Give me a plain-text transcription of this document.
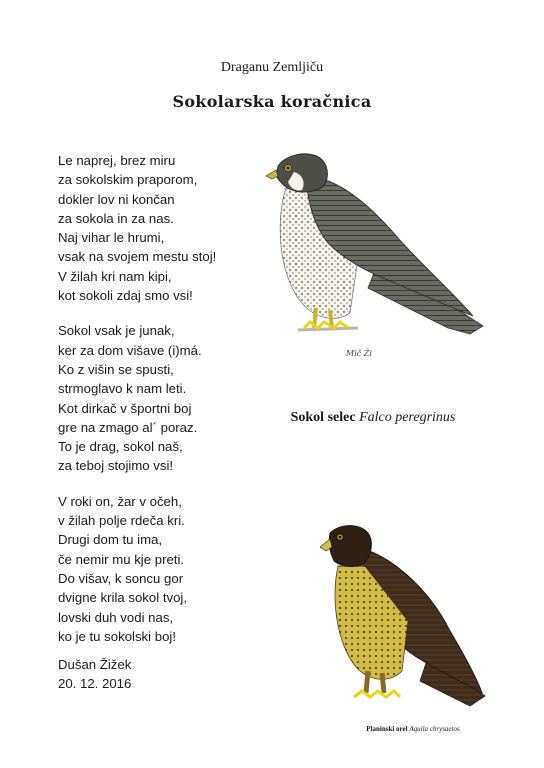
Draganu Zemljiču
Sokolarska koračnica
Le naprej, brez miru
za sokolskim praporom,
dokler lov ni končan
za sokola in za nas.
Naj vihar le hrumi,
vsak na svojem mestu stoj!
V žilah kri nam kipi,
kot sokoli zdaj smo vsi!
Sokol vsak je junak,
ker za dom višave (i)má.
Ko z višin se spusti,
strmoglavo k nam leti.
Kot dirkač v športni boj
gre na zmago al´ poraz.
To je drag, sokol naš,
za teboj stojimo vsi!
V roki on, žar v očeh,
v žilah polje rdeča kri.
Drugi dom tu ima,
če nemir mu kje preti.
Do višav, k soncu gor
dvigne krila sokol tvoj,
lovski duh vodi nas,
ko je tu sokolski boj!
Dušan Žižek
20. 12. 2016
Mič Ži
Sokol selec Falco peregrinus
Planinski orel Aquila chrysaetos
